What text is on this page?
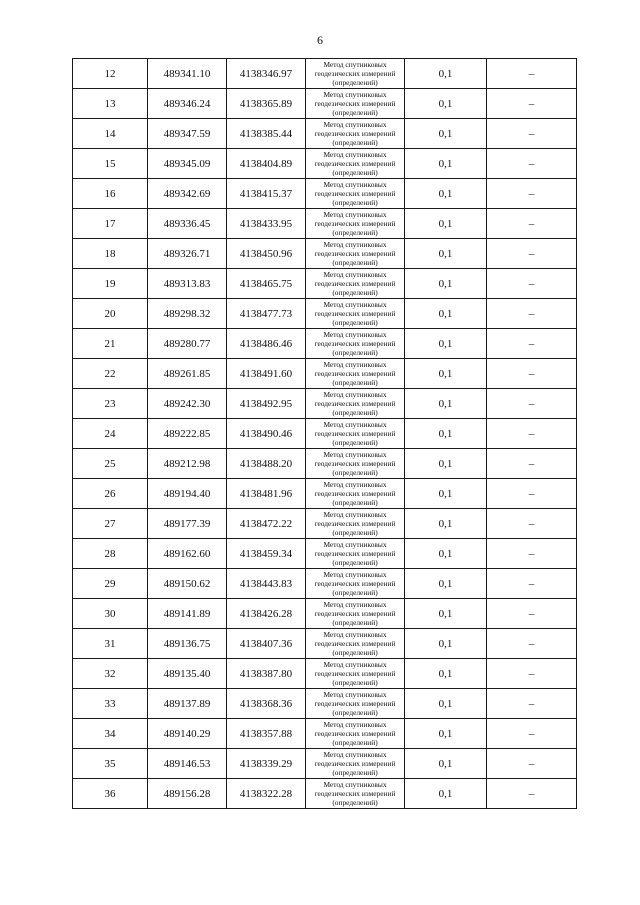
6
12	489341.10	4138346.97	Метод спутниковых
геодезических измерений
(определений)	0,1	–
13	489346.24	4138365.89	Метод спутниковых
геодезических измерений
(определений)	0,1	–
14	489347.59	4138385.44	Метод спутниковых
геодезических измерений
(определений)	0,1	–
15	489345.09	4138404.89	Метод спутниковых
геодезических измерений
(определений)	0,1	–
16	489342.69	4138415.37	Метод спутниковых
геодезических измерений
(определений)	0,1	–
17	489336.45	4138433.95	Метод спутниковых
геодезических измерений
(определений)	0,1	–
18	489326.71	4138450.96	Метод спутниковых
геодезических измерений
(определений)	0,1	–
19	489313.83	4138465.75	Метод спутниковых
геодезических измерений
(определений)	0,1	–
20	489298.32	4138477.73	Метод спутниковых
геодезических измерений
(определений)	0,1	–
21	489280.77	4138486.46	Метод спутниковых
геодезических измерений
(определений)	0,1	–
22	489261.85	4138491.60	Метод спутниковых
геодезических измерений
(определений)	0,1	–
23	489242.30	4138492.95	Метод спутниковых
геодезических измерений
(определений)	0,1	–
24	489222.85	4138490.46	Метод спутниковых
геодезических измерений
(определений)	0,1	–
25	489212.98	4138488.20	Метод спутниковых
геодезических измерений
(определений)	0,1	–
26	489194.40	4138481.96	Метод спутниковых
геодезических измерений
(определений)	0,1	–
27	489177.39	4138472.22	Метод спутниковых
геодезических измерений
(определений)	0,1	–
28	489162.60	4138459.34	Метод спутниковых
геодезических измерений
(определений)	0,1	–
29	489150.62	4138443.83	Метод спутниковых
геодезических измерений
(определений)	0,1	–
30	489141.89	4138426.28	Метод спутниковых
геодезических измерений
(определений)	0,1	–
31	489136.75	4138407.36	Метод спутниковых
геодезических измерений
(определений)	0,1	–
32	489135.40	4138387.80	Метод спутниковых
геодезических измерений
(определений)	0,1	–
33	489137.89	4138368.36	Метод спутниковых
геодезических измерений
(определений)	0,1	–
34	489140.29	4138357.88	Метод спутниковых
геодезических измерений
(определений)	0,1	–
35	489146.53	4138339.29	Метод спутниковых
геодезических измерений
(определений)	0,1	–
36	489156.28	4138322.28	Метод спутниковых
геодезических измерений
(определений)	0,1	–
